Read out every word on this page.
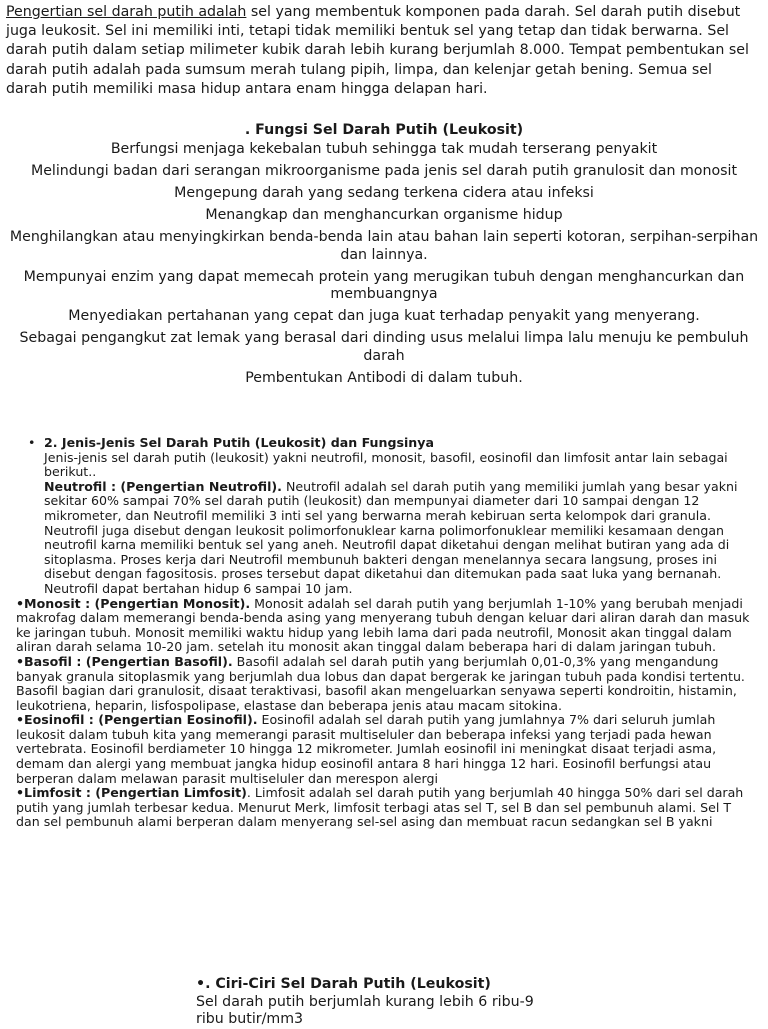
Pengertian sel darah putih adalah sel yang membentuk komponen pada darah. Sel darah putih disebut juga leukosit. Sel ini memiliki inti, tetapi tidak memiliki bentuk sel yang tetap dan tidak berwarna. Sel darah putih dalam setiap milimeter kubik darah lebih kurang berjumlah 8.000. Tempat pembentukan sel darah putih adalah pada sumsum merah tulang pipih, limpa, dan kelenjar getah bening. Semua sel darah putih memiliki masa hidup antara enam hingga delapan hari.

. Fungsi Sel Darah Putih (Leukosit)

Berfungsi menjaga kekebalan tubuh sehingga tak mudah terserang penyakit

Melindungi badan dari serangan mikroorganisme pada jenis sel darah putih granulosit dan monosit

Mengepung darah yang sedang terkena cidera atau infeksi

Menangkap dan menghancurkan organisme hidup

Menghilangkan atau menyingkirkan benda-benda lain atau bahan lain seperti kotoran, serpihan-serpihan dan lainnya.

Mempunyai enzim yang dapat memecah protein yang merugikan tubuh dengan menghancurkan dan membuangnya

Menyediakan pertahanan yang cepat dan juga kuat terhadap penyakit yang menyerang.

Sebagai pengangkut zat lemak yang berasal dari dinding usus melalui limpa lalu menuju ke pembuluh darah

Pembentukan Antibodi di dalam tubuh.

• 2. Jenis-Jenis Sel Darah Putih (Leukosit) dan Fungsinya

Jenis-jenis sel darah putih (leukosit) yakni neutrofil, monosit, basofil, eosinofil dan limfosit antar lain sebagai berikut..

Neutrofil : (Pengertian Neutrofil). Neutrofil adalah sel darah putih yang memiliki jumlah yang besar yakni sekitar 60% sampai 70% sel darah putih (leukosit) dan mempunyai diameter dari 10 sampai dengan 12 mikrometer, dan Neutrofil memiliki 3 inti sel yang berwarna merah kebiruan serta kelompok dari granula. Neutrofil juga disebut dengan leukosit polimorfonuklear karna polimorfonuklear memiliki kesamaan dengan neutrofil karna memiliki bentuk sel yang aneh. Neutrofil dapat diketahui dengan melihat butiran yang ada di sitoplasma. Proses kerja dari Neutrofil membunuh bakteri dengan menelannya secara langsung, proses ini disebut dengan fagositosis. proses tersebut dapat diketahui dan ditemukan pada saat luka yang bernanah. Neutrofil dapat bertahan hidup 6 sampai 10 jam.

•Monosit : (Pengertian Monosit). Monosit adalah sel darah putih yang berjumlah 1-10% yang berubah menjadi makrofag dalam memerangi benda-benda asing yang menyerang tubuh dengan keluar dari aliran darah dan masuk ke jaringan tubuh. Monosit memiliki waktu hidup yang lebih lama dari pada neutrofil, Monosit akan tinggal dalam aliran darah selama 10-20 jam. setelah itu monosit akan tinggal dalam beberapa hari di dalam jaringan tubuh.

•Basofil : (Pengertian Basofil). Basofil adalah sel darah putih yang berjumlah 0,01-0,3% yang mengandung banyak granula sitoplasmik yang berjumlah dua lobus dan dapat bergerak ke jaringan tubuh pada kondisi tertentu. Basofil bagian dari granulosit, disaat teraktivasi, basofil akan mengeluarkan senyawa seperti kondroitin, histamin, leukotriena, heparin, lisfospolipase, elastase dan beberapa jenis atau macam sitokina.

•Eosinofil : (Pengertian Eosinofil). Eosinofil adalah sel darah putih yang jumlahnya 7% dari seluruh jumlah leukosit dalam tubuh kita yang memerangi parasit multiseluler dan beberapa infeksi yang terjadi pada hewan vertebrata. Eosinofil berdiameter 10 hingga 12 mikrometer. Jumlah eosinofil ini meningkat disaat terjadi asma, demam dan alergi yang membuat jangka hidup eosinofil antara 8 hari hingga 12 hari. Eosinofil berfungsi atau berperan dalam melawan parasit multiseluler dan merespon alergi

•Limfosit : (Pengertian Limfosit). Limfosit adalah sel darah putih yang berjumlah 40 hingga 50% dari sel darah putih yang jumlah terbesar kedua. Menurut Merk, limfosit terbagi atas sel T, sel B dan sel pembunuh alami. Sel T dan sel pembunuh alami berperan dalam menyerang sel-sel asing dan membuat racun sedangkan sel B yakni

•. Ciri-Ciri Sel Darah Putih (Leukosit)

Sel darah putih berjumlah kurang lebih 6 ribu-9 ribu butir/mm3
